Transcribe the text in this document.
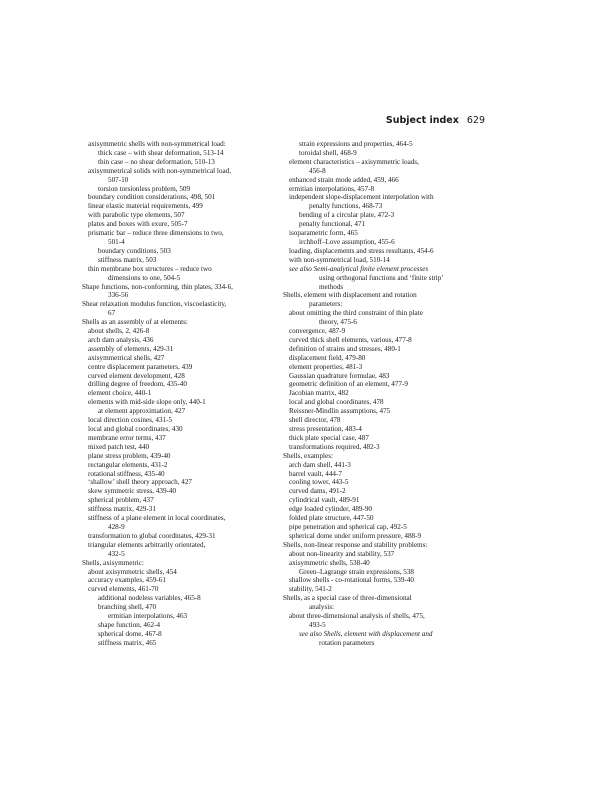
Subject index 629
axisymmetric shells with non-symmetrical load:
thick case – with shear deformation, 513-14
thin case – no shear deformation, 510-13
axisymmetrical solids with non-symmetrical load,
507-10
torsion torsionless problem, 509
boundary condition considerations, 498, 501
linear elastic material requirements, 499
with parabolic type elements, 507
plates and boxes with exure, 505-7
prismatic bar – reduce three dimensions to two,
501-4
boundary conditions, 503
stiffness matrix, 503
thin membrane box structures – reduce two
dimensions to one, 504-5
Shape functions, non-conforming, thin plates, 334-6,
336-56
Shear relaxation modulus function, viscoelasticity,
67
Shells as an assembly of at elements:
about shells, 2, 426-8
arch dam analysis, 436
assembly of elements, 429-31
axisymmetrical shells, 427
centre displacement parameters, 439
curved element development, 428
drilling degree of freedom, 435-40
element choice, 440-1
elements with mid-side slope only, 440-1
at element approximation, 427
local direction cosines, 431-5
local and global coordinates, 430
membrane error terms, 437
mixed patch test, 440
plane stress problem, 439-40
rectangular elements, 431-2
rotational stiffness, 435-40
‘shallow’ shell theory approach, 427
skew symmetric stress, 439-40
spherical problem, 437
stiffness matrix, 429-31
stiffness of a plane element in local coordinates,
428-9
transformation to global coordinates, 429-31
triangular elements arbitrarily orientated,
432-5
Shells, axisymmetric:
about axisymmetric shells, 454
accuracy examples, 459-61
curved elements, 461-70
additional nodeless variables, 465-8
branching shell, 470
ermitian interpolations, 463
shape function, 462-4
spherical dome, 467-8
stiffness matrix, 465
strain expressions and properties, 464-5
toroidal shell, 468-9
element characteristics – axisymmetric loads,
456-8
enhanced strain mode added, 459, 466
ermitian interpolations, 457-8
independent slope-displacement interpolation with
penalty functions, 468-73
bending of a circular plate, 472-3
penalty functional, 471
isoparametric form, 465
irchhoff–Love assumption, 455-6
loading, displacements and stress resultants, 454-6
with non-symmetrical load, 510-14
see also Semi-analytical finite element processes
using orthogonal functions and ‘finite strip’
methods
Shells, element with displacement and rotation
parameters:
about omitting the third constraint of thin plate
theory, 475-6
convergence, 487-9
curved thick shell elements, various, 477-8
definition of strains and stresses, 480-1
displacement field, 479-80
element properties, 481-3
Gaussian quadrature formulae, 483
geometric definition of an element, 477-9
Jacobian matrix, 482
local and global coordinates, 478
Reissner-Mindlin assumptions, 475
shell director, 478
stress presentation, 483-4
thick plate special case, 487
transformations required, 482-3
Shells, examples:
arch dam shell, 441-3
barrel vault, 444-7
cooling tower, 443-5
curved dams, 491-2
cylindrical vault, 489-91
edge loaded cylinder, 489-90
folded plate structure, 447-50
pipe penetration and spherical cap, 492-5
spherical dome under uniform pressure, 488-9
Shells, non-linear response and stability problems:
about non-linearity and stability, 537
axisymmetric shells, 538-40
Green–Lagrange strain expressions, 538
shallow shells - co-rotational forms, 539-40
stability, 541-2
Shells, as a special case of three-dimensional
analysis:
about three-dimensional analysis of shells, 475,
493-5
see also Shells, element with displacement and
rotation parameters
